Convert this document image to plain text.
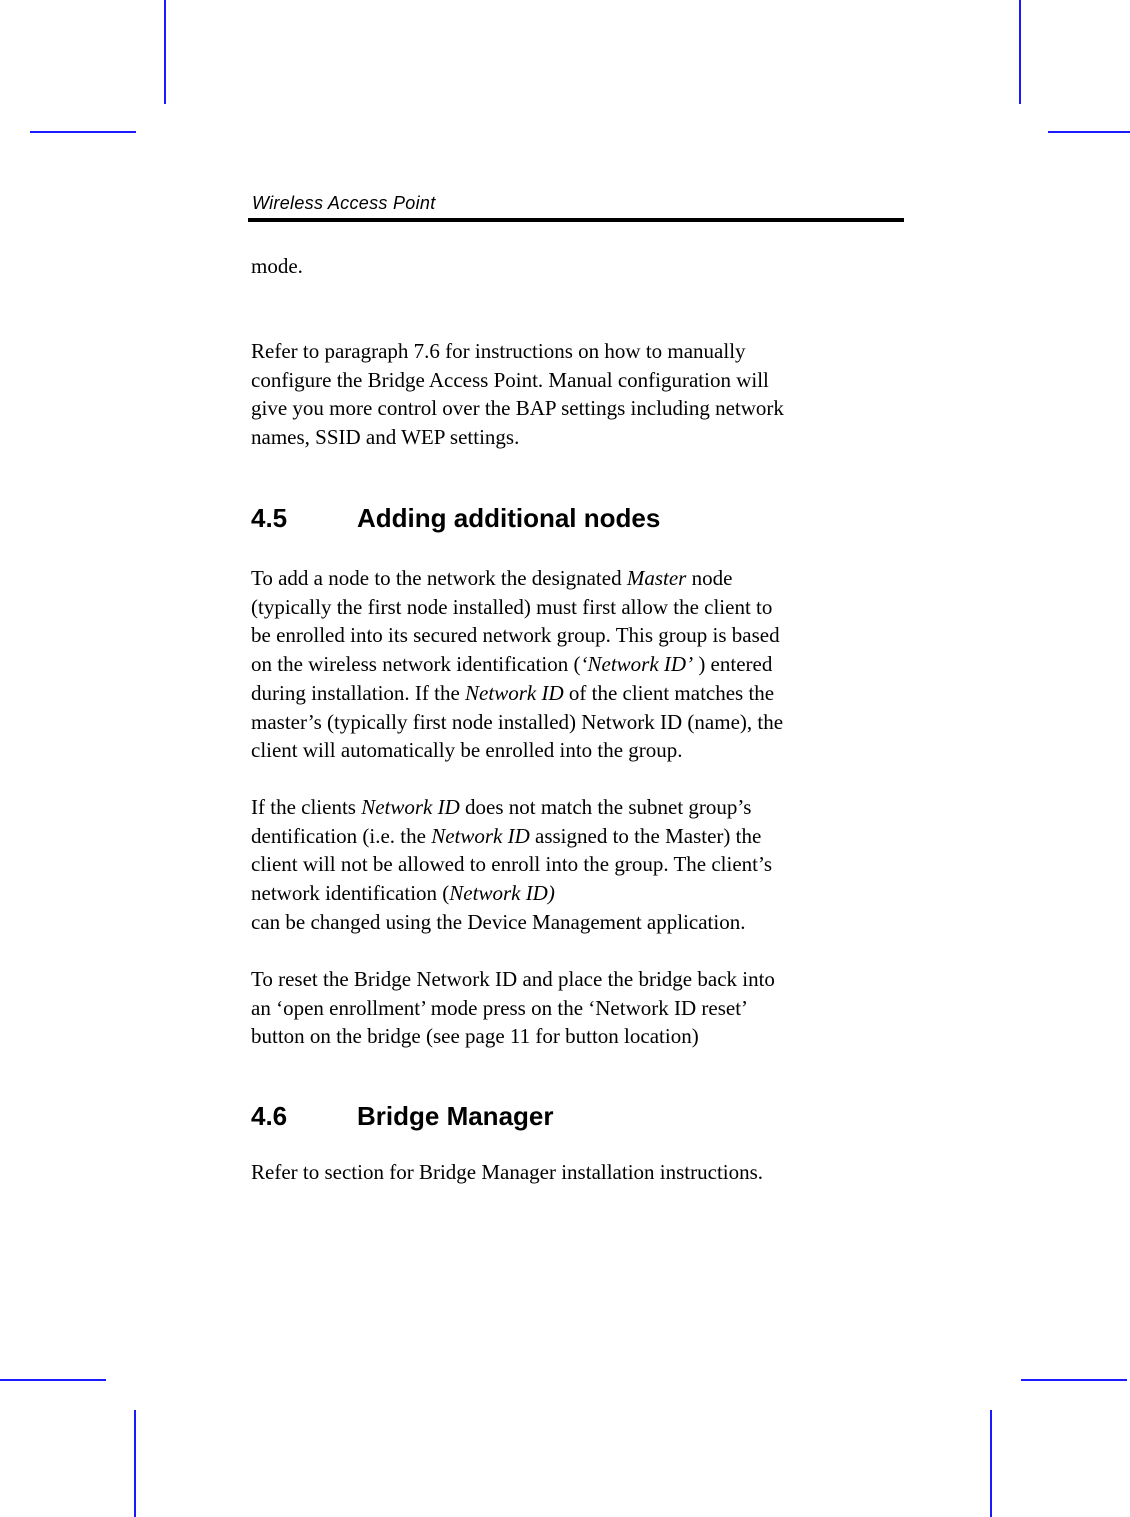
Wireless Access Point
mode.
Refer to paragraph 7.6 for instructions on how to manually
configure the Bridge Access Point. Manual configuration will
give you more control over the BAP settings including network
names, SSID and WEP settings.
4.5	Adding additional nodes
To add a node to the network the designated Master node
(typically the first node installed) must first allow the client to
be enrolled into its secured network group. This group is based
on the wireless network identification (‘Network ID’ ) entered
during installation. If the Network ID of the client matches the
master’s (typically first node installed) Network ID (name), the
client will automatically be enrolled into the group.
If the clients Network ID does not match the subnet group’s
dentification (i.e. the Network ID assigned to the Master) the
client will not be allowed to enroll into the group. The client’s
network identification (Network ID)
can be changed using the Device Management application.
To reset the Bridge Network ID and place the bridge back into
an ‘open enrollment’ mode press on the ‘Network ID reset’
button on the bridge (see page 11 for button location)
4.6	Bridge Manager
Refer to section for Bridge Manager installation instructions.
